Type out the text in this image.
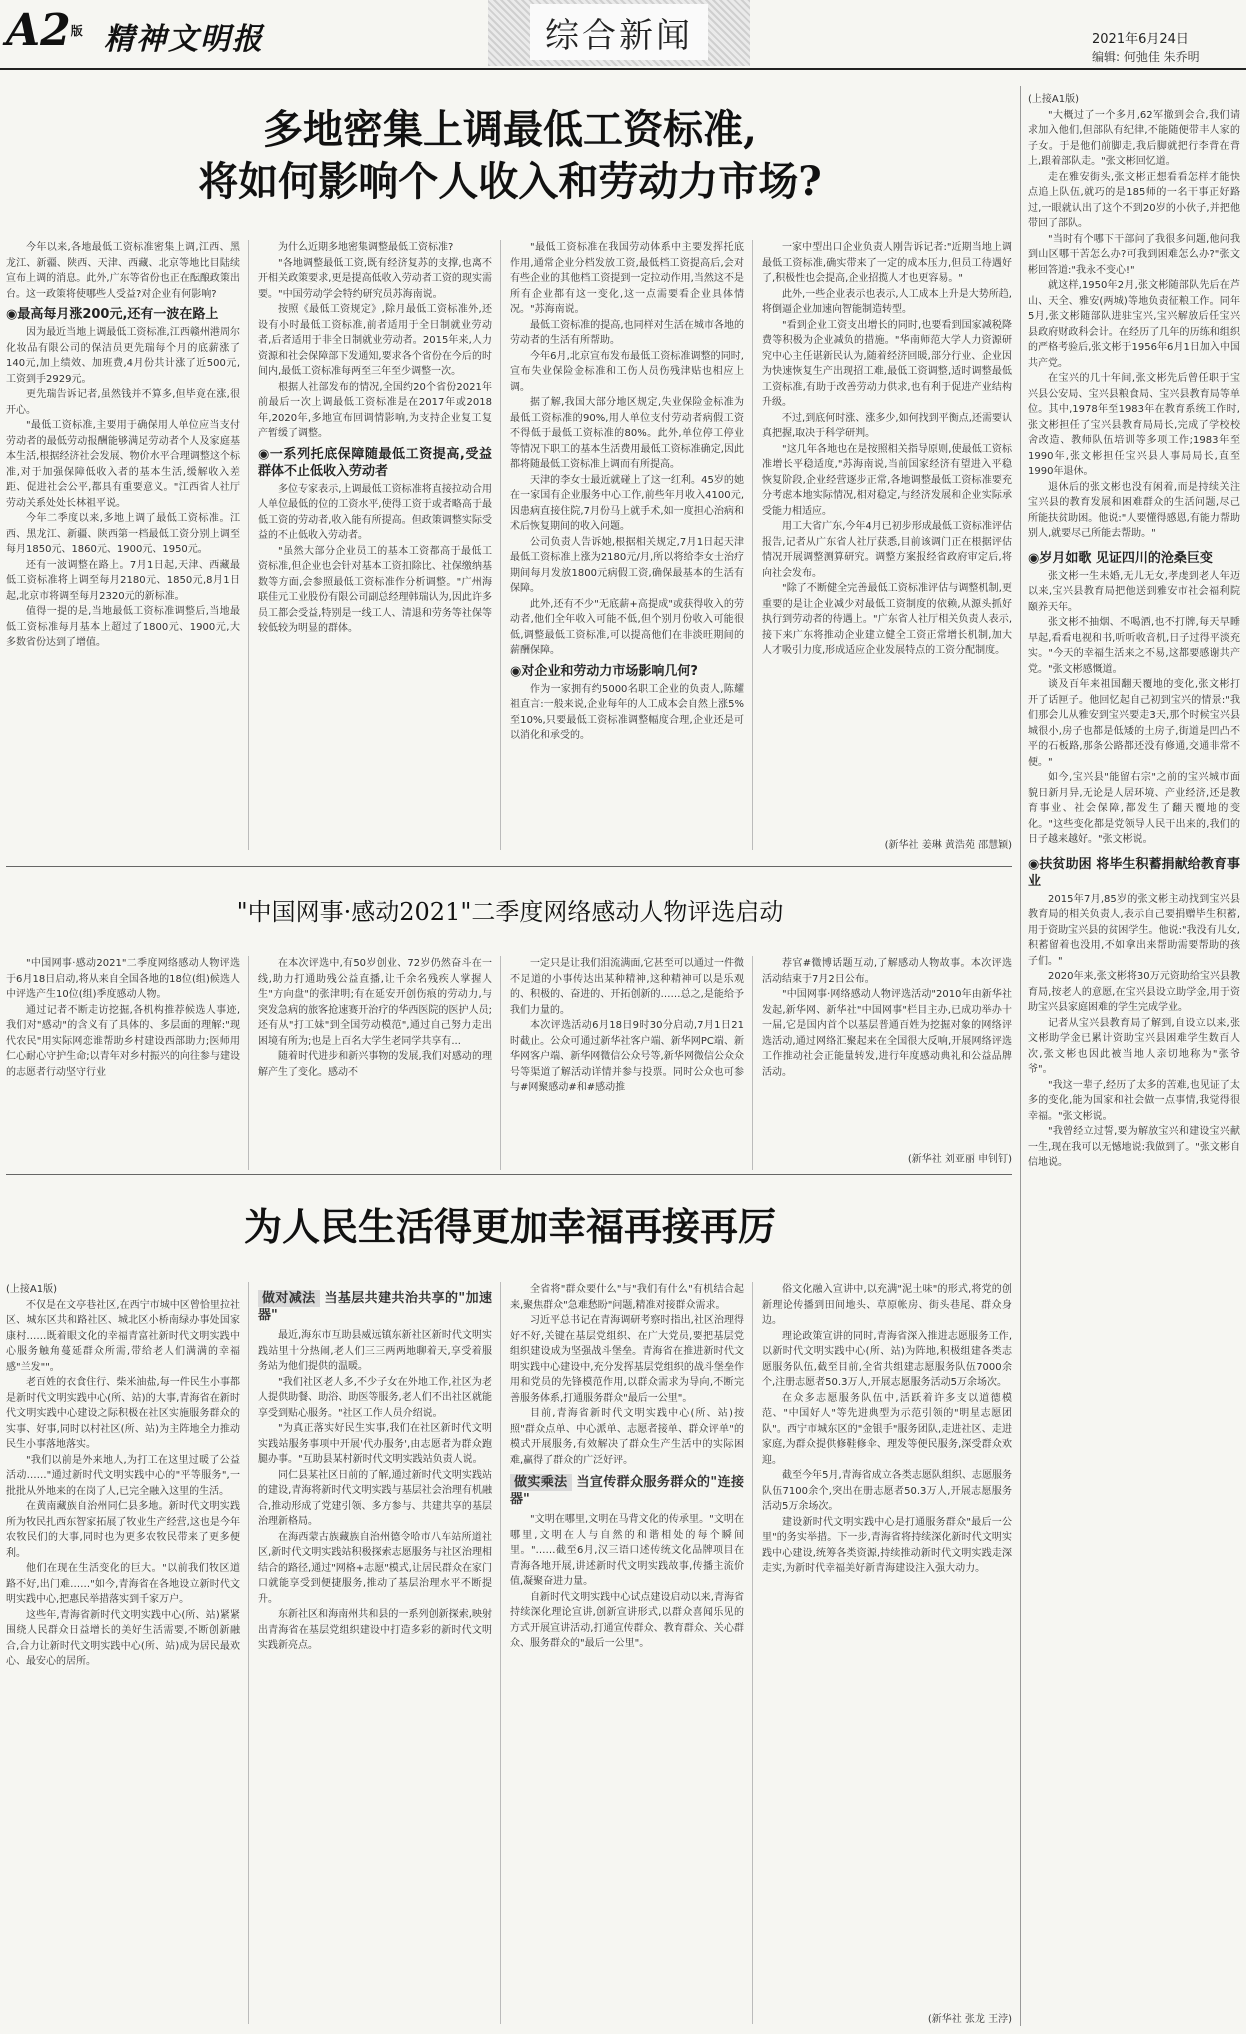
A2版 精神文明报	综合新闻	2021年6月24日
编辑: 何弛佳 朱乔明
多地密集上调最低工资标准,
将如何影响个人收入和劳动力市场?

今年以来,各地最低工资标准密集上调,江西、黑龙江、新疆、陕西、天津、西藏、北京等地比目陆续宣布上调的消息。此外,广东等省份也正在酝酿政策出台。这一政策将使哪些人受益?对企业有何影响?

◉ 最高每月涨200元,还有一波在路上

因为最近当地上调最低工资标准,江西赣州港周尔化妆品有限公司的保洁员更先瑞每个月的底薪涨了140元,加上绩效、加班费,4月份共计涨了近500元,工资到手2929元。

更先瑞告诉记者,虽然钱并不算多,但毕竟在涨,很开心。

"最低工资标准,主要用于确保用人单位应当支付劳动者的最低劳动报酬能够满足劳动者个人及家庭基本生活,根据经济社会发展、物价水平合理调整这个标准,对于加强保障低收入者的基本生活,缓解收入差距、促进社会公平,都具有重要意义。"江西省人社厅劳动关系处处长林祖平说。

今年二季度以来,多地上调了最低工资标准。江西、黑龙江、新疆、陕西第一档最低工资分别上调至每月1850元、1860元、1900元、1950元。

还有一波调整在路上。7月1日起,天津、西藏最低工资标准将上调至每月2180元、1850元,8月1日起,北京市将调至每月2320元的新标准。

值得一提的是,当地最低工资标准调整后,当地最低工资标准每月基本上超过了1800元、1900元,大多数省份达到了增值。

为什么近期多地密集调整最低工资标准?

"各地调整最低工资,既有经济复苏的支撑,也离不开相关政策要求,更是提高低收入劳动者工资的现实需要。"中国劳动学会特约研究员苏海南说。

按照《最低工资规定》,除月最低工资标准外,还设有小时最低工资标准,前者适用于全日制就业劳动者,后者适用于非全日制就业劳动者。2015年来,人力资源和社会保障部下发通知,要求各个省份在今后的时间内,最低工资标准每两至三年至少调整一次。

根据人社部发布的情况,全国约20个省份2021年前最后一次上调最低工资标准是在2017年或2018年,2020年,多地宣布回调情影响,为支持企业复工复产暂缓了调整。

◉ 一系列托底保障随最低工资提高,受益群体不止低收入劳动者

多位专家表示,上调最低工资标准将直接拉动合用人单位最低的位的工资水平,使得工资于或者略高于最低工资的劳动者,收入能有所提高。但政策调整实际受益的不止低收入劳动者。

"虽然大部分企业员工的基本工资都高于最低工资标准,但企业也会针对基本工资扣除比、社保缴纳基数等方面,会参照最低工资标准作分析调整。"广州海联佳元工业股份有限公司副总经理韩瑞认为,因此许多员工都会受益,特别是一线工人、清退和劳务等社保等较低较为明显的群体。

"最低工资标准在我国劳动体系中主要发挥托底作用,通常企业分档发放工资,最低档工资提高后,会对有些企业的其他档工资提到一定拉动作用,当然这不是所有企业都有这一变化,这一点需要看企业具体情况。"苏海南说。

最低工资标准的提高,也同样对生活在城市各地的劳动者的生活有所帮助。

今年6月,北京宣布发布最低工资标准调整的同时,宣布失业保险金标准和工伤人员伤残津贴也相应上调。

据了解,我国大部分地区规定,失业保险金标准为最低工资标准的90%,用人单位支付劳动者病假工资不得低于最低工资标准的80%。此外,单位停工停业等情况下职工的基本生活费用最低工资标准确定,因此都将随最低工资标准上调而有所提高。

天津的李女士最近就碰上了这一红利。45岁的她在一家国有企业服务中心工作,前些年月收入4100元,因患病直接住院,7月份马上就手术,如一度担心治病和术后恢复期间的收入问题。

公司负责人告诉她,根据相关规定,7月1日起天津最低工资标准上涨为2180元/月,所以将给李女士治疗期间每月发放1800元病假工资,确保最基本的生活有保障。

此外,还有不少"无底薪+高提成"或获得收入的劳动者,他们全年收入可能不低,但个别月份收入可能很低,调整最低工资标准,可以提高他们在非淡旺期间的薪酬保障。

◉ 对企业和劳动力市场影响几何?

作为一家拥有约5000名职工企业的负责人,陈耀祖直言:一般来说,企业每年的人工成本会自然上涨5%至10%,只要最低工资标准调整幅度合理,企业还是可以消化和承受的。

一家中型出口企业负责人刚告诉记者:"近期当地上调最低工资标准,确实带来了一定的成本压力,但员工待遇好了,积极性也会提高,企业招揽人才也更容易。"

此外,一些企业表示也表示,人工成本上升是大势所趋,将倒逼企业加速向智能制造转型。

"看到企业工资支出增长的同时,也要看到国家减税降费等积极为企业减负的措施。"华南师范大学人力资源研究中心主任谌新民认为,随着经济回暖,部分行业、企业因为快速恢复生产出现招工难,最低工资调整,适时调整最低工资标准,有助于改善劳动力供求,也有利于促进产业结构升级。

不过,到底何时涨、涨多少,如何找到平衡点,还需要认真把握,取决于科学研判。

"这几年各地也在是按照相关指导原则,使最低工资标准增长平稳适度,"苏海南说,当前国家经济有望进入平稳恢复阶段,企业经营逐步正常,各地调整最低工资标准要充分考虑本地实际情况,相对稳定,与经济发展和企业实际承受能力相适应。

用工大省广东,今年4月已初步形成最低工资标准评估报告,记者从广东省人社厅获悉,目前该调门正在根据评估情况开展调整测算研究。调整方案报经省政府审定后,将向社会发布。

"除了不断健全完善最低工资标准评估与调整机制,更重要的是让企业减少对最低工资制度的依赖,从源头抓好执行到劳动者的待遇上。"广东省人社厅相关负责人表示,接下来广东将推动企业建立健全工资正常增长机制,加大人才吸引力度,形成适应企业发展特点的工资分配制度。

(新华社 姜琳 黄浩苑 邵慧颖)
"中国网事·感动2021"二季度网络感动人物评选启动

"中国网事·感动2021"二季度网络感动人物评选于6月18日启动,将从来自全国各地的18位(组)候选人中评选产生10位(组)季度感动人物。

通过记者不断走访挖掘,各机构推荐候选人事迹,我们对"感动"的含义有了具体的、多层面的理解:"现代农民"用实际网恋谁帮助乡村建设西部助力;医师用仁心耐心守护生命;以青年对乡村振兴的向往参与建设的志愿者行动坚守行业

在本次评选中,有50岁创业、72岁仍然奋斗在一线,助力打通助残公益直播,让千余名残疾人掌握人生"方向盘"的张津明;有在延安开创伤痕的劳动力,与突发急病的旅客抢速赛开治疗的华西医院的医护人员;还有从"打工妹"到全国劳动模范",通过自己努力走出困境有所为;也是上百名大学生老同学共享有...

随着时代进步和新兴事物的发展,我们对感动的理解产生了变化。感动不

一定只是让我们泪流满面,它甚至可以通过一件微不足道的小事传达出某种精神,这种精神可以是乐观的、积极的、奋进的、开拓创新的……总之,是能给予我们力量的。

本次评选活动6月18日9时30分启动,7月1日21时截止。公众可通过新华社客户端、新华网PC端、新华网客户端、新华网微信公众号等,新华网微信公众众号等渠道了解活动详情并参与投票。同时公众也可参与#网聚感动#和#感动推

荐官#微博话题互动,了解感动人物故事。本次评选活动结束于7月2日公布。

"中国网事·网络感动人物评选活动"2010年由新华社发起,新华网、新华社"中国网事"栏目主办,已成功举办十一届,它是国内首个以基层普通百姓为挖掘对象的网络评选活动,通过网络汇聚起来在全国很大反响,开展网络评选工作推动社会正能量转发,进行年度感动典礼和公益品牌活动。

(新华社 刘亚丽 申钊钉)
为人民生活得更加幸福再接再厉
(上接A1版)

不仅是在文亭巷社区,在西宁市城中区曾恰里拉社区、城东区共和路社区、城北区小桥南绿办事处国家康村……既着眼文化的幸福青富社新时代文明实践中心服务触角蔓延群众所需,带给老人们满满的幸福感"兰发""。

老百姓的衣食住行、柴米油盐,每一件民生小事都是新时代文明实践中心(所、站)的大事,青海省在新时代文明实践中心建设之际积极在社区实施服务群众的实事、好事,同时以村社区(所、站)为主阵地全力推动民生小事落地落实。

"我们以前是外来地人,为打工在这里过暖了公益活动……"通过新时代文明实践中心的"平等服务",一批批从外地来的在岗了人,已完全融入这里的生活。

在黄南藏族自治州同仁县多地。新时代文明实践所为牧民扎西东智家拓展了牧业生产经营,这也是今年农牧民们的大事,同时也为更多农牧民带来了更多便利。

他们在现在生活变化的巨大。"以前我们牧区道路不好,出门难……"如今,青海省在各地设立新时代文明实践中心,把惠民举措落实到千家万户。

这些年,青海省新时代文明实践中心(所、站)紧紧围绕人民群众日益增长的美好生活需要,不断创新融合,合力让新时代文明实践中心(所、站)成为居民最欢心、最安心的居所。

做对减法 当基层共建共治共享的"加速器"

最近,海东市互助县威远镇东新社区新时代文明实践站里十分热闹,老人们三三两两地聊着天,享受着服务站为他们提供的温暖。

"我们社区老人多,不少子女在外地工作,社区为老人提供助餐、助浴、助医等服务,老人们不出社区就能享受到贴心服务。"社区工作人员介绍说。

"为真正落实好民生实事,我们在社区新时代文明实践站服务事项中开展'代办服务',由志愿者为群众跑腿办事。"互助县某村新时代文明实践站负责人说。

同仁县某社区日前的了解,通过新时代文明实践站的建设,青海将新时代文明实践与基层社会治理有机融合,推动形成了党建引领、多方参与、共建共享的基层治理新格局。

在海西蒙古族藏族自治州德令哈市八车站所道社区,新时代文明实践站积极探索志愿服务与社区治理相结合的路径,通过"网格+志愿"模式,让居民群众在家门口就能享受到便捷服务,推动了基层治理水平不断提升。

东新社区和海南州共和县的一系列创新探索,映射出青海省在基层党组织建设中打造多彩的新时代文明实践新亮点。

全省将"群众要什么"与"我们有什么"有机结合起来,聚焦群众"急难愁盼"问题,精准对接群众需求。

习近平总书记在青海调研考察时指出,社区治理得好不好,关键在基层党组织、在广大党员,要把基层党组织建设成为坚强战斗堡垒。青海省在推进新时代文明实践中心建设中,充分发挥基层党组织的战斗堡垒作用和党员的先锋模范作用,以群众需求为导向,不断完善服务体系,打通服务群众"最后一公里"。

目前,青海省新时代文明实践中心(所、站)按照"群众点单、中心派单、志愿者接单、群众评单"的模式开展服务,有效解决了群众生产生活中的实际困难,赢得了群众的广泛好评。

做实乘法 当宣传群众服务群众的"连接器"

"文明在哪里,文明在马背文化的传承里。"文明在哪里,文明在人与自然的和谐相处的每个瞬间里。"……截至6月,汉三语口述传统文化品牌项目在青海各地开展,讲述新时代文明实践故事,传播主流价值,凝聚奋进力量。

自新时代文明实践中心试点建设启动以来,青海省持续深化理论宣讲,创新宣讲形式,以群众喜闻乐见的方式开展宣讲活动,打通宣传群众、教育群众、关心群众、服务群众的"最后一公里"。

俗文化融入宣讲中,以充满"泥土味"的形式,将党的创新理论传播到田间地头、草原帐房、街头巷尾、群众身边。

理论政策宣讲的同时,青海省深入推进志愿服务工作,以新时代文明实践中心(所、站)为阵地,积极组建各类志愿服务队伍,截至目前,全省共组建志愿服务队伍7000余个,注册志愿者50.3万人,开展志愿服务活动5万余场次。

在众多志愿服务队伍中,活跃着许多支以道德模范、"中国好人"等先进典型为示范引领的"明星志愿团队"。西宁市城东区的"金银手"服务团队,走进社区、走进家庭,为群众提供修鞋修伞、理发等便民服务,深受群众欢迎。

截至今年5月,青海省成立各类志愿队组织、志愿服务队伍7100余个,突出在册志愿者50.3万人,开展志愿服务活动5万余场次。

建设新时代文明实践中心是打通服务群众"最后一公里"的务实举措。下一步,青海省将持续深化新时代文明实践中心建设,统筹各类资源,持续推动新时代文明实践走深走实,为新时代幸福美好新青海建设注入强大动力。

(新华社 张龙 王浡)
(上接A1版)

"大概过了一个多月,62军撤到会合,我们请求加入他们,但部队有纪律,不能随便带丰人家的子女。于是他们前脚走,我后脚就把行李背在背上,跟着部队走。"张文彬回忆道。

走在雅安街头,张文彬正想看看怎样才能快点追上队伍,就巧的是185师的一名干事正好路过,一眼就认出了这个不到20岁的小伙子,并把他带回了部队。

"当时有个哪下干部问了我很多问题,他问我到山区哪干苦怎么办?可我到困难怎么办?"张文彬回答道:"我永不变心!"

就这样,1950年2月,张文彬随部队先后在芦山、天全、雅安(两城)等地负责征粮工作。同年5月,张文彬随部队进驻宝兴,宝兴解放后任宝兴县政府财政科会计。在经历了几年的历练和组织的严格考验后,张文彬于1956年6月1日加入中国共产党。

在宝兴的几十年间,张文彬先后曾任职于宝兴县公安局、宝兴县粮食局、宝兴县教育局等单位。其中,1978年至1983年在教育系统工作时,张文彬担任了宝兴县教育局局长,完成了学校校舍改造、教师队伍培训等多项工作;1983年至1990年,张文彬担任宝兴县人事局局长,直至1990年退休。

退休后的张文彬也没有闲着,而是持续关注宝兴县的教育发展和困难群众的生活问题,尽己所能扶贫助困。他说:"人要懂得感恩,有能力帮助别人,就要尽己所能去帮助。"

◉ 岁月如歌 见证四川的沧桑巨变

张文彬一生未婚,无儿无女,孝虔到老人年迈以来,宝兴县教育局把他送到雅安市社会福利院颐养天年。

张文彬不抽烟、不喝酒,也不打牌,每天早睡早起,看看电视和书,听听收音机,日子过得平淡充实。"今天的幸福生活来之不易,这都要感谢共产党。"张文彬感慨道。

谈及百年来祖国翻天覆地的变化,张文彬打开了话匣子。他回忆起自己初到宝兴的情景:"我们那会儿从雅安到宝兴要走3天,那个时候宝兴县城很小,房子也都是低矮的土房子,街道是凹凸不平的石板路,那条公路都还没有修通,交通非常不便。"

如今,宝兴县"能留右宗"之前的宝兴城市面貌日新月异,无论是人居环境、产业经济,还是教育事业、社会保障,都发生了翻天覆地的变化。"这些变化都是党领导人民干出来的,我们的日子越来越好。"张文彬说。

◉ 扶贫助困 将毕生积蓄捐献给教育事业

2015年7月,85岁的张文彬主动找到宝兴县教育局的相关负责人,表示自己要捐赠毕生积蓄,用于资助宝兴县的贫困学生。他说:"我没有儿女,积蓄留着也没用,不如拿出来帮助需要帮助的孩子们。"

2020年来,张文彬将30万元资助给宝兴县教育局,按老人的意愿,在宝兴县设立助学金,用于资助宝兴县家庭困难的学生完成学业。

记者从宝兴县教育局了解到,自设立以来,张文彬助学金已累计资助宝兴县困难学生数百人次,张文彬也因此被当地人亲切地称为"张爷爷"。

"我这一辈子,经历了太多的苦难,也见证了太多的变化,能为国家和社会做一点事情,我觉得很幸福。"张文彬说。

"我曾经立过誓,要为解放宝兴和建设宝兴献一生,现在我可以无憾地说:我做到了。"张文彬自信地说。
